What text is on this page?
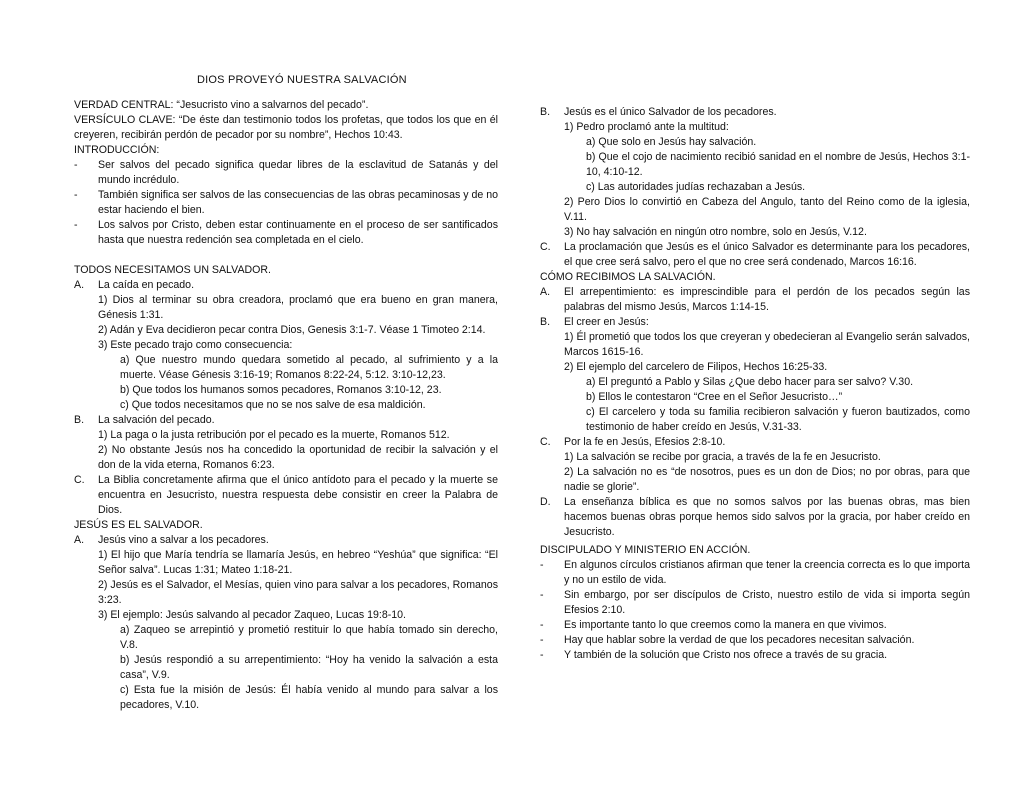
DIOS PROVEYÓ NUESTRA SALVACIÓN

VERDAD CENTRAL: “Jesucristo vino a salvarnos del pecado”.

VERSÍCULO CLAVE: “De éste dan testimonio todos los profetas, que todos los que en él creyeren, recibirán perdón de pecador por su nombre”, Hechos 10:43.

INTRODUCCIÓN:

-	Ser salvos del pecado significa quedar libres de la esclavitud de Satanás y del mundo incrédulo.

-	También significa ser salvos de las consecuencias de las obras pecaminosas y de no estar haciendo el bien.

-	Los salvos por Cristo, deben estar continuamente en el proceso de ser santificados hasta que nuestra redención sea completada en el cielo.

TODOS NECESITAMOS UN SALVADOR.

A.	La caída en pecado.

1) Dios al terminar su obra creadora, proclamó que era bueno en gran manera, Génesis 1:31.

2) Adán y Eva decidieron pecar contra Dios, Genesis 3:1-7. Véase 1 Timoteo 2:14.

3) Este pecado trajo como consecuencia:

a) Que nuestro mundo quedara sometido al pecado, al sufrimiento y a la muerte. Véase Génesis 3:16-19; Romanos 8:22-24, 5:12. 3:10-12,23.

b) Que todos los humanos somos pecadores, Romanos 3:10-12, 23.

c) Que todos necesitamos que no se nos salve de esa maldición.

B.	La salvación del pecado.

1) La paga o la justa retribución por el pecado es la muerte, Romanos 512.

2) No obstante Jesús nos ha concedido la oportunidad de recibir la salvación y el don de la vida eterna, Romanos 6:23.

C.	La Biblia concretamente afirma que el único antídoto para el pecado y la muerte se encuentra en Jesucristo, nuestra respuesta debe consistir en creer la Palabra de Dios.

JESÚS ES EL SALVADOR.

A.	Jesús vino a salvar a los pecadores.

1) El hijo que María tendría se llamaría Jesús, en hebreo “Yeshúa” que significa: “El Señor salva”. Lucas 1:31; Mateo 1:18-21.

2) Jesús es el Salvador, el Mesías, quien vino para salvar a los pecadores, Romanos 3:23.

3) El ejemplo: Jesús salvando al pecador Zaqueo, Lucas 19:8-10.

a) Zaqueo se arrepintió y prometió restituir lo que había tomado sin derecho, V.8.

b) Jesús respondió a su arrepentimiento: “Hoy ha venido la salvación a esta casa”, V.9.

c) Esta fue la misión de Jesús: Él había venido al mundo para salvar a los pecadores, V.10.

B.	Jesús es el único Salvador de los pecadores.

1) Pedro proclamó ante la multitud:

a) Que solo en Jesús hay salvación.

b) Que el cojo de nacimiento recibió sanidad en el nombre de Jesús, Hechos 3:1-10, 4:10-12.

c) Las autoridades judías rechazaban a Jesús.

2) Pero Dios lo convirtió en Cabeza del Angulo, tanto del Reino como de la iglesia, V.11.

3) No hay salvación en ningún otro nombre, solo en Jesús, V.12.

C.	La proclamación que Jesús es el único Salvador es determinante para los pecadores, el que cree será salvo, pero el que no cree será condenado, Marcos 16:16.

CÓMO RECIBIMOS LA SALVACIÓN.

A.	El arrepentimiento: es imprescindible para el perdón de los pecados según las palabras del mismo Jesús, Marcos 1:14-15.

B.	El creer en Jesús:

1) Él prometió que todos los que creyeran y obedecieran al Evangelio serán salvados, Marcos 1615-16.

2) El ejemplo del carcelero de Filipos, Hechos 16:25-33.

a) El preguntó a Pablo y Silas ¿Que debo hacer para ser salvo? V.30.

b) Ellos le contestaron “Cree en el Señor Jesucristo…”

c) El carcelero y toda su familia recibieron salvación y fueron bautizados, como testimonio de haber creído en Jesús, V.31-33.

C.	Por la fe en Jesús, Efesios 2:8-10.

1) La salvación se recibe por gracia, a través de la fe en Jesucristo.

2) La salvación no es “de nosotros, pues es un don de Dios; no por obras, para que nadie se glorie”.

D.	La enseñanza bíblica es que no somos salvos por las buenas obras, mas bien hacemos buenas obras porque hemos sido salvos por la gracia, por haber creído en Jesucristo.

DISCIPULADO Y MINISTERIO EN ACCIÓN.

-	En algunos círculos cristianos afirman que tener la creencia correcta es lo que importa y no un estilo de vida.

-	Sin embargo, por ser discípulos de Cristo, nuestro estilo de vida si importa según Efesios 2:10.

-	Es importante tanto lo que creemos como la manera en que vivimos.

-	Hay que hablar sobre la verdad de que los pecadores necesitan salvación.

-	Y también de la solución que Cristo nos ofrece a través de su gracia.
